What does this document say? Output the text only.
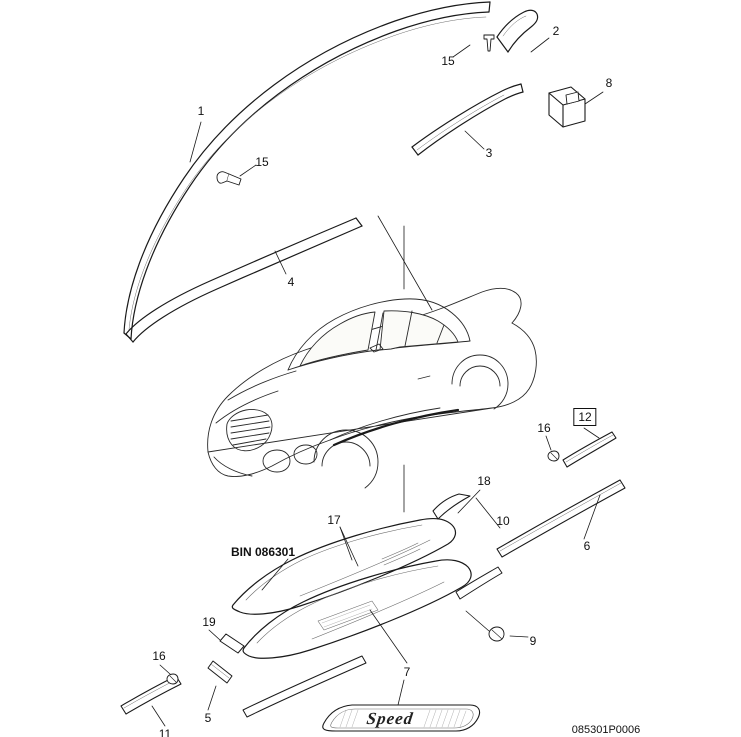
1
2
3
4
5
6
7
8
9
10
11
12
15
15
16
16
17
18
19
BIN 086301
Speed
085301P0006
